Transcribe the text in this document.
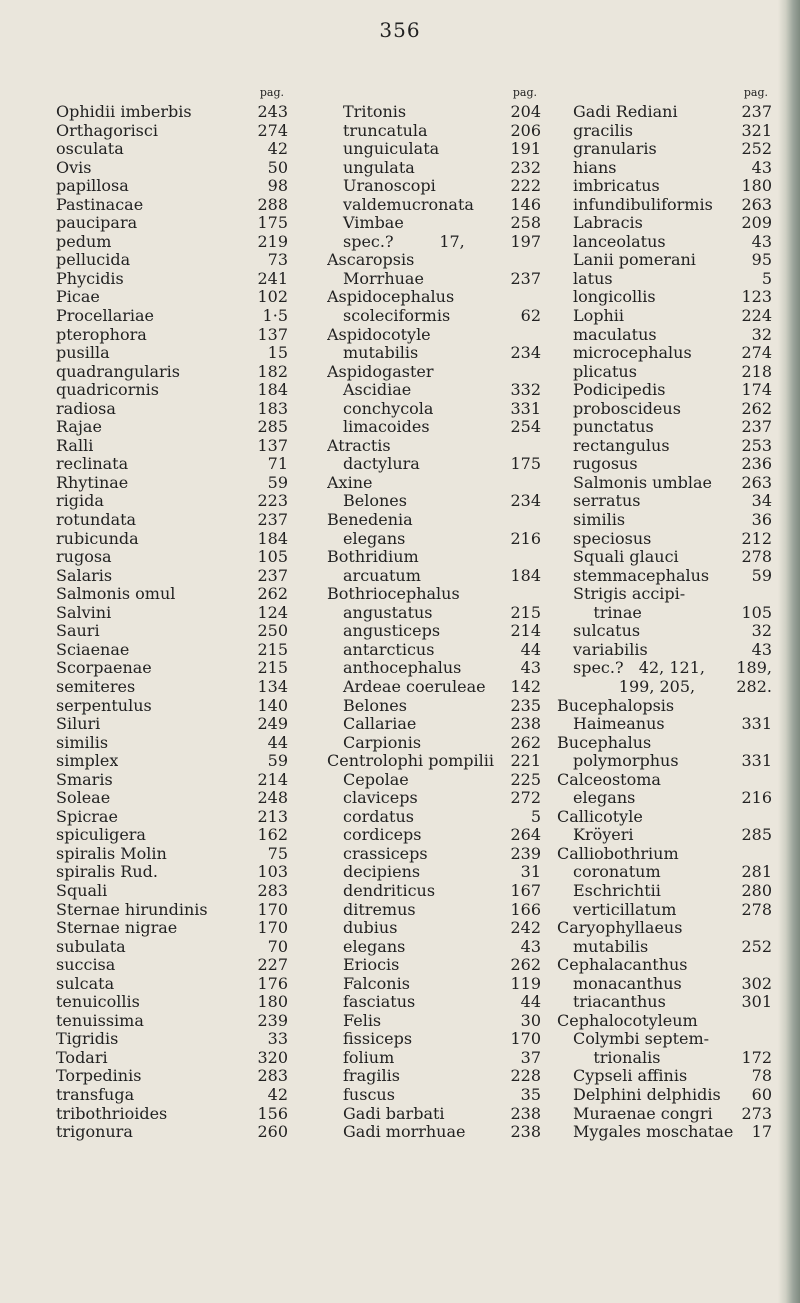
356
pag.
Ophidii imberbis	243
Orthagorisci	274
osculata	42
Ovis	50
papillosa	98
Pastinacae	288
paucipara	175
pedum	219
pellucida	73
Phycidis	241
Picae	102
Procellariae	1·5
pterophora	137
pusilla	15
quadrangularis	182
quadricornis	184
radiosa	183
Rajae	285
Ralli	137
reclinata	71
Rhytinae	59
rigida	223
rotundata	237
rubicunda	184
rugosa	105
Salaris	237
Salmonis omul	262
Salvini	124
Sauri	250
Sciaenae	215
Scorpaenae	215
semiteres	134
serpentulus	140
Siluri	249
similis	44
simplex	59
Smaris	214
Soleae	248
Spicrae	213
spiculigera	162
spiralis Molin	75
spiralis Rud.	103
Squali	283
Sternae hirundinis	170
Sternae nigrae	170
subulata	70
succisa	227
sulcata	176
tenuicollis	180
tenuissima	239
Tigridis	33
Todari	320
Torpedinis	283
transfuga	42
tribothrioides	156
trigonura	260
pag.
Tritonis	204
truncatula	206
unguiculata	191
ungulata	232
Uranoscopi	222
valdemucronata 146
Vimbae	258
spec.?         17,	197
Ascaropsis
Morrhuae	237
Aspidocephalus
scoleciformis	62
Aspidocotyle
mutabilis	234
Aspidogaster
Ascidiae	332
conchycola	331
limacoides	254
Atractis
dactylura	175
Axine
Belones	234
Benedenia
elegans	216
Bothridium
arcuatum	184
Bothriocephalus
angustatus	215
angusticeps	214
antarcticus	44
anthocephalus	43
Ardeae coeruleae 142
Belones	235
Callariae	238
Carpionis	262
Centrolophi pompilii 221
Cepolae	225
claviceps	272
cordatus	5
cordiceps	264
crassiceps	239
decipiens	31
dendriticus	167
ditremus	166
dubius	242
elegans	43
Eriocis	262
Falconis	119
fasciatus	44
Felis	30
fissiceps	170
folium	37
fragilis	228
fuscus	35
Gadi barbati	238
Gadi morrhuae	238
pag.
Gadi Rediani	237
gracilis	321
granularis	252
hians	43
imbricatus	180
infundibuliformis 263
Labracis	209
lanceolatus	43
Lanii pomerani	95
latus	5
longicollis	123
Lophii	224
maculatus	32
microcephalus	274
plicatus	218
Podicipedis	174
proboscideus	262
punctatus	237
rectangulus	253
rugosus	236
Salmonis umblae 263
serratus	34
similis	36
speciosus	212
Squali glauci	278
stemmacephalus	59
Strigis accipi-
trinae	105
sulcatus	32
variabilis	43
spec.?   42, 121, 189,
199, 205,	282.
Bucephalopsis
Haimeanus	331
Bucephalus
polymorphus	331
Calceostoma
elegans	216
Callicotyle
Kröyeri	285
Calliobothrium
coronatum	281
Eschrichtii	280
verticillatum	278
Caryophyllaeus
mutabilis	252
Cephalacanthus
monacanthus	302
triacanthus	301
Cephalocotyleum
Colymbi septem-
trionalis	172
Cypseli affinis	78
Delphini delphidis 60
Muraenae congri 273
Mygales moschatae 17
